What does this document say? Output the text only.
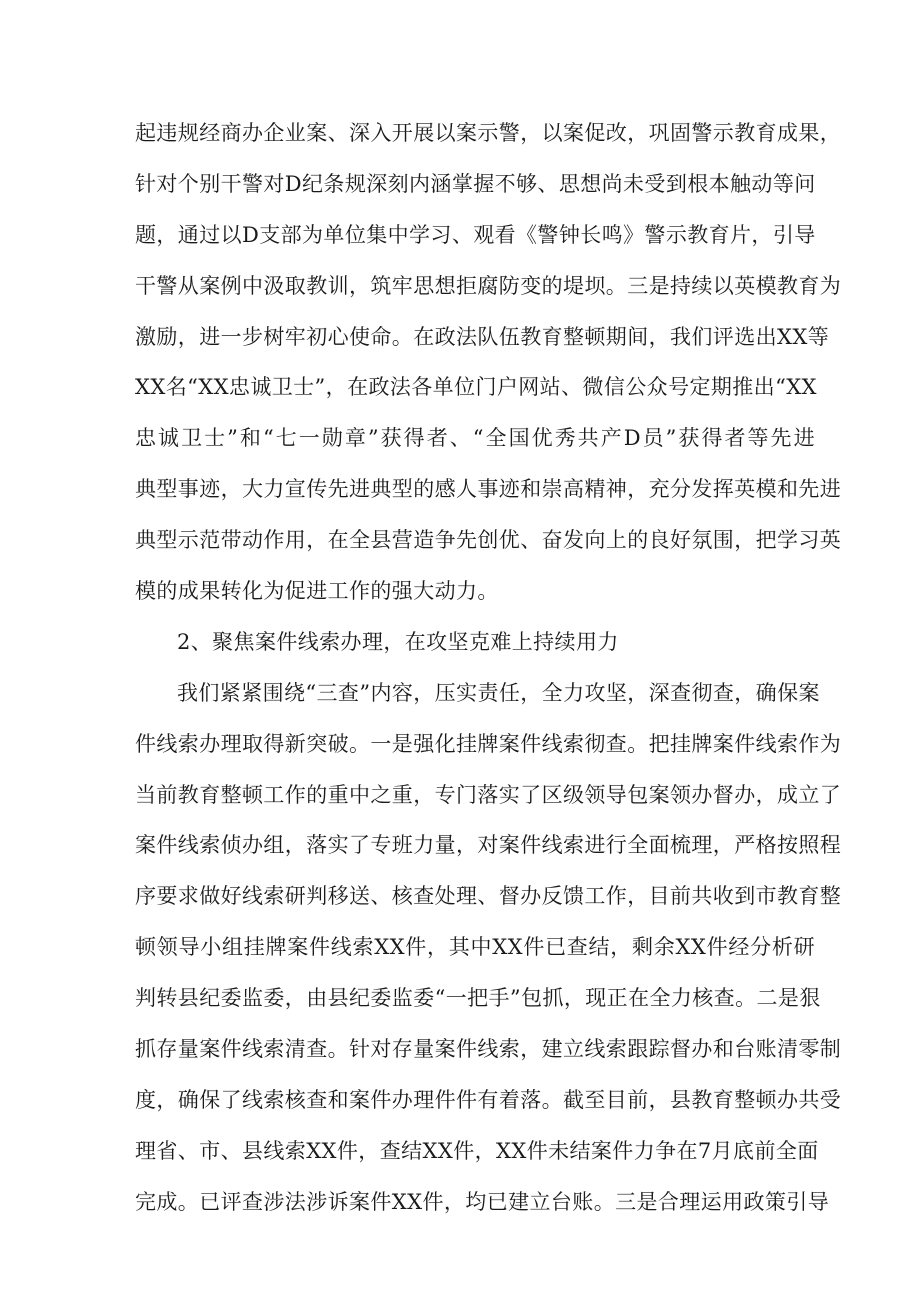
起违规经商办企业案、深入开展以案示警，以案促改，巩固警示教育成果，
针对个别干警对D纪条规深刻内涵掌握不够、思想尚未受到根本触动等问
题，通过以D支部为单位集中学习、观看《警钟长鸣》警示教育片，引导
干警从案例中汲取教训，筑牢思想拒腐防变的堤坝。三是持续以英模教育为
激励，进一步树牢初心使命。在政法队伍教育整顿期间，我们评选出XX等
XX名“XX忠诚卫士”，在政法各单位门户网站、微信公众号定期推出“XX
忠诚卫士”和“七一勋章”获得者、“全国优秀共产D员”获得者等先进
典型事迹，大力宣传先进典型的感人事迹和崇高精神，充分发挥英模和先进
典型示范带动作用，在全县营造争先创优、奋发向上的良好氛围，把学习英
模的成果转化为促进工作的强大动力。
2、聚焦案件线索办理，在攻坚克难上持续用力
我们紧紧围绕“三查”内容，压实责任，全力攻坚，深查彻查，确保案
件线索办理取得新突破。一是强化挂牌案件线索彻查。把挂牌案件线索作为
当前教育整顿工作的重中之重，专门落实了区级领导包案领办督办，成立了
案件线索侦办组，落实了专班力量，对案件线索进行全面梳理，严格按照程
序要求做好线索研判移送、核查处理、督办反馈工作，目前共收到市教育整
顿领导小组挂牌案件线索XX件，其中XX件已查结，剩余XX件经分析研
判转县纪委监委，由县纪委监委“一把手”包抓，现正在全力核查。二是狠
抓存量案件线索清查。针对存量案件线索，建立线索跟踪督办和台账清零制
度，确保了线索核查和案件办理件件有着落。截至目前，县教育整顿办共受
理省、市、县线索XX件，查结XX件，XX件未结案件力争在7月底前全面
完成。已评查涉法涉诉案件XX件，均已建立台账。三是合理运用政策引导
